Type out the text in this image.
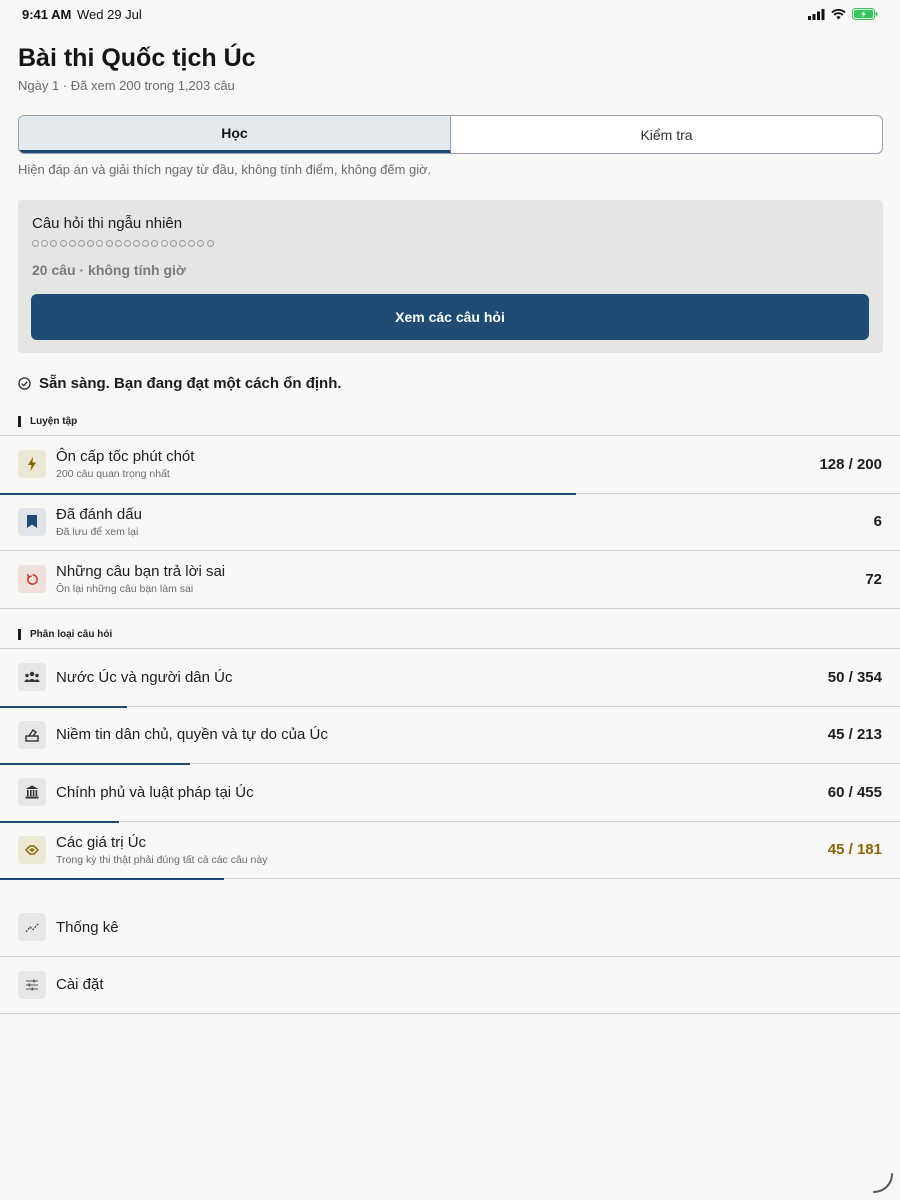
9:41 AM Wed 29 Jul
Bài thi Quốc tịch Úc
Ngày 1 · Đã xem 200 trong 1,203 câu
Học	Kiểm tra
Hiện đáp án và giải thích ngay từ đầu, không tính điểm, không đếm giờ.
Câu hỏi thi ngẫu nhiên
20 câu · không tính giờ
Xem các câu hỏi
Sẵn sàng. Bạn đang đạt một cách ổn định.
Luyện tập
Ôn cấp tốc phút chót
200 câu quan trọng nhất
128 / 200
Đã đánh dấu
Đã lưu để xem lại
6
Những câu bạn trả lời sai
Ôn lại những câu bạn làm sai
72
Phân loại câu hỏi
Nước Úc và người dân Úc	50 / 354
Niềm tin dân chủ, quyền và tự do của Úc	45 / 213
Chính phủ và luật pháp tại Úc	60 / 455
Các giá trị Úc
Trong kỳ thi thật phải đúng tất cả các câu này
45 / 181
Thống kê
Cài đặt
